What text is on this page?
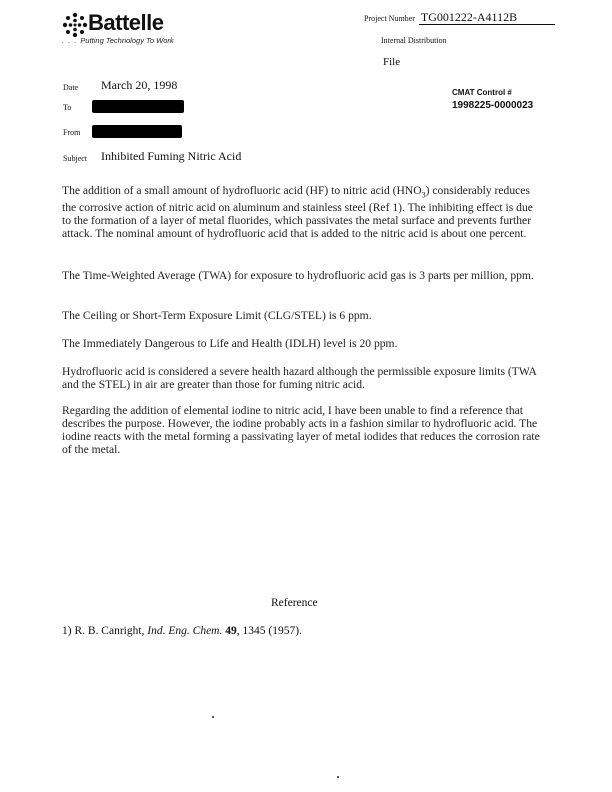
Battelle
. . . Putting Technology To Work
Project Number TG001222-A4112B
Internal Distribution
File
CMAT Control #
1998225-0000023
Date March 20, 1998
To
From
Subject Inhibited Fuming Nitric Acid

The addition of a small amount of hydrofluoric acid (HF) to nitric acid $(HNO_3)$ considerably reduces the corrosive action of nitric acid on aluminum and stainless steel (Ref 1). The inhibiting effect is due to the formation of a layer of metal fluorides, which passivates the metal surface and prevents further attack. The nominal amount of hydrofluoric acid that is added to the nitric acid is about one percent.

The Time-Weighted Average (TWA) for exposure to hydrofluoric acid gas is 3 parts per million, ppm.

The Ceiling or Short-Term Exposure Limit (CLG/STEL) is 6 ppm.

The Immediately Dangerous to Life and Health (IDLH) level is 20 ppm.

Hydrofluoric acid is considered a severe health hazard although the permissible exposure limits (TWA and the STEL) in air are greater than those for fuming nitric acid.

Regarding the addition of elemental iodine to nitric acid, I have been unable to find a reference that describes the purpose. However, the iodine probably acts in a fashion similar to hydrofluoric acid. The iodine reacts with the metal forming a passivating layer of metal iodides that reduces the corrosion rate of the metal.

Reference
1) R. B. Canright, Ind. Eng. Chem. 49, 1345 (1957).
